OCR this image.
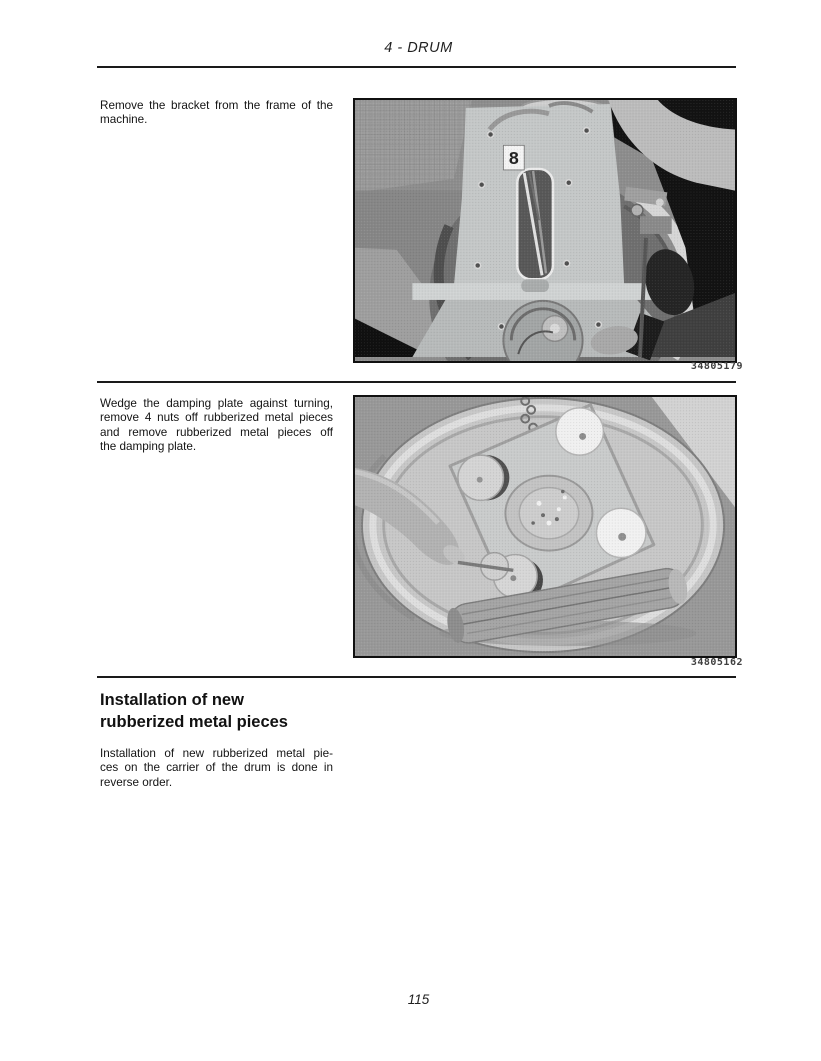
4 - DRUM
Remove the bracket from the frame of the
machine.
8
34805179
Wedge the damping plate against turning,
remove 4 nuts off rubberized metal pieces
and remove rubberized metal pieces off
the damping plate.
34805162
Installation of new
rubberized metal pieces
Installation of new rubberized metal pie-
ces on the carrier of the drum is done in
reverse order.
115
